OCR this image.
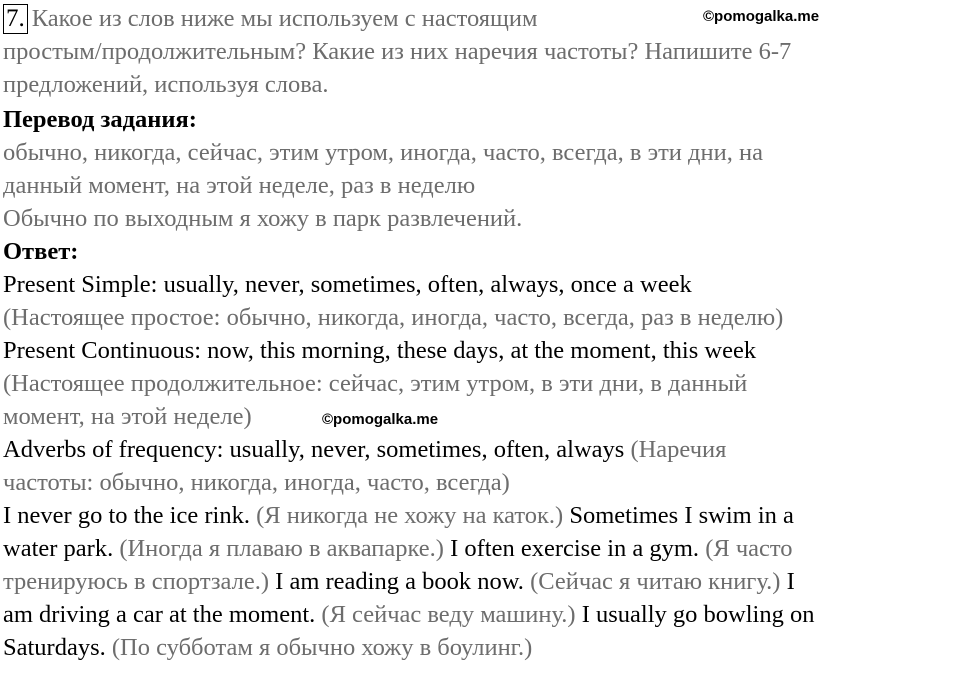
©pomogalka.me
©pomogalka.me
7. Какое из слов ниже мы используем с настоящим
простым/продолжительным? Какие из них наречия частоты? Напишите 6-7
предложений, используя слова.
Перевод задания:
обычно, никогда, сейчас, этим утром, иногда, часто, всегда, в эти дни, на
данный момент, на этой неделе, раз в неделю
Обычно по выходным я хожу в парк развлечений.
Ответ:
Present Simple: usually, never, sometimes, often, always, once a week
(Настоящее простое: обычно, никогда, иногда, часто, всегда, раз в неделю)
Present Continuous: now, this morning, these days, at the moment, this week
(Настоящее продолжительное: сейчас, этим утром, в эти дни, в данный
момент, на этой неделе)
Adverbs of frequency: usually, never, sometimes, often, always (Наречия
частоты: обычно, никогда, иногда, часто, всегда)
I never go to the ice rink. (Я никогда не хожу на каток.) Sometimes I swim in a
water park. (Иногда я плаваю в аквапарке.) I often exercise in a gym. (Я часто
тренируюсь в спортзале.) I am reading a book now. (Сейчас я читаю книгу.) I
am driving a car at the moment. (Я сейчас веду машину.) I usually go bowling on
Saturdays. (По субботам я обычно хожу в боулинг.)
